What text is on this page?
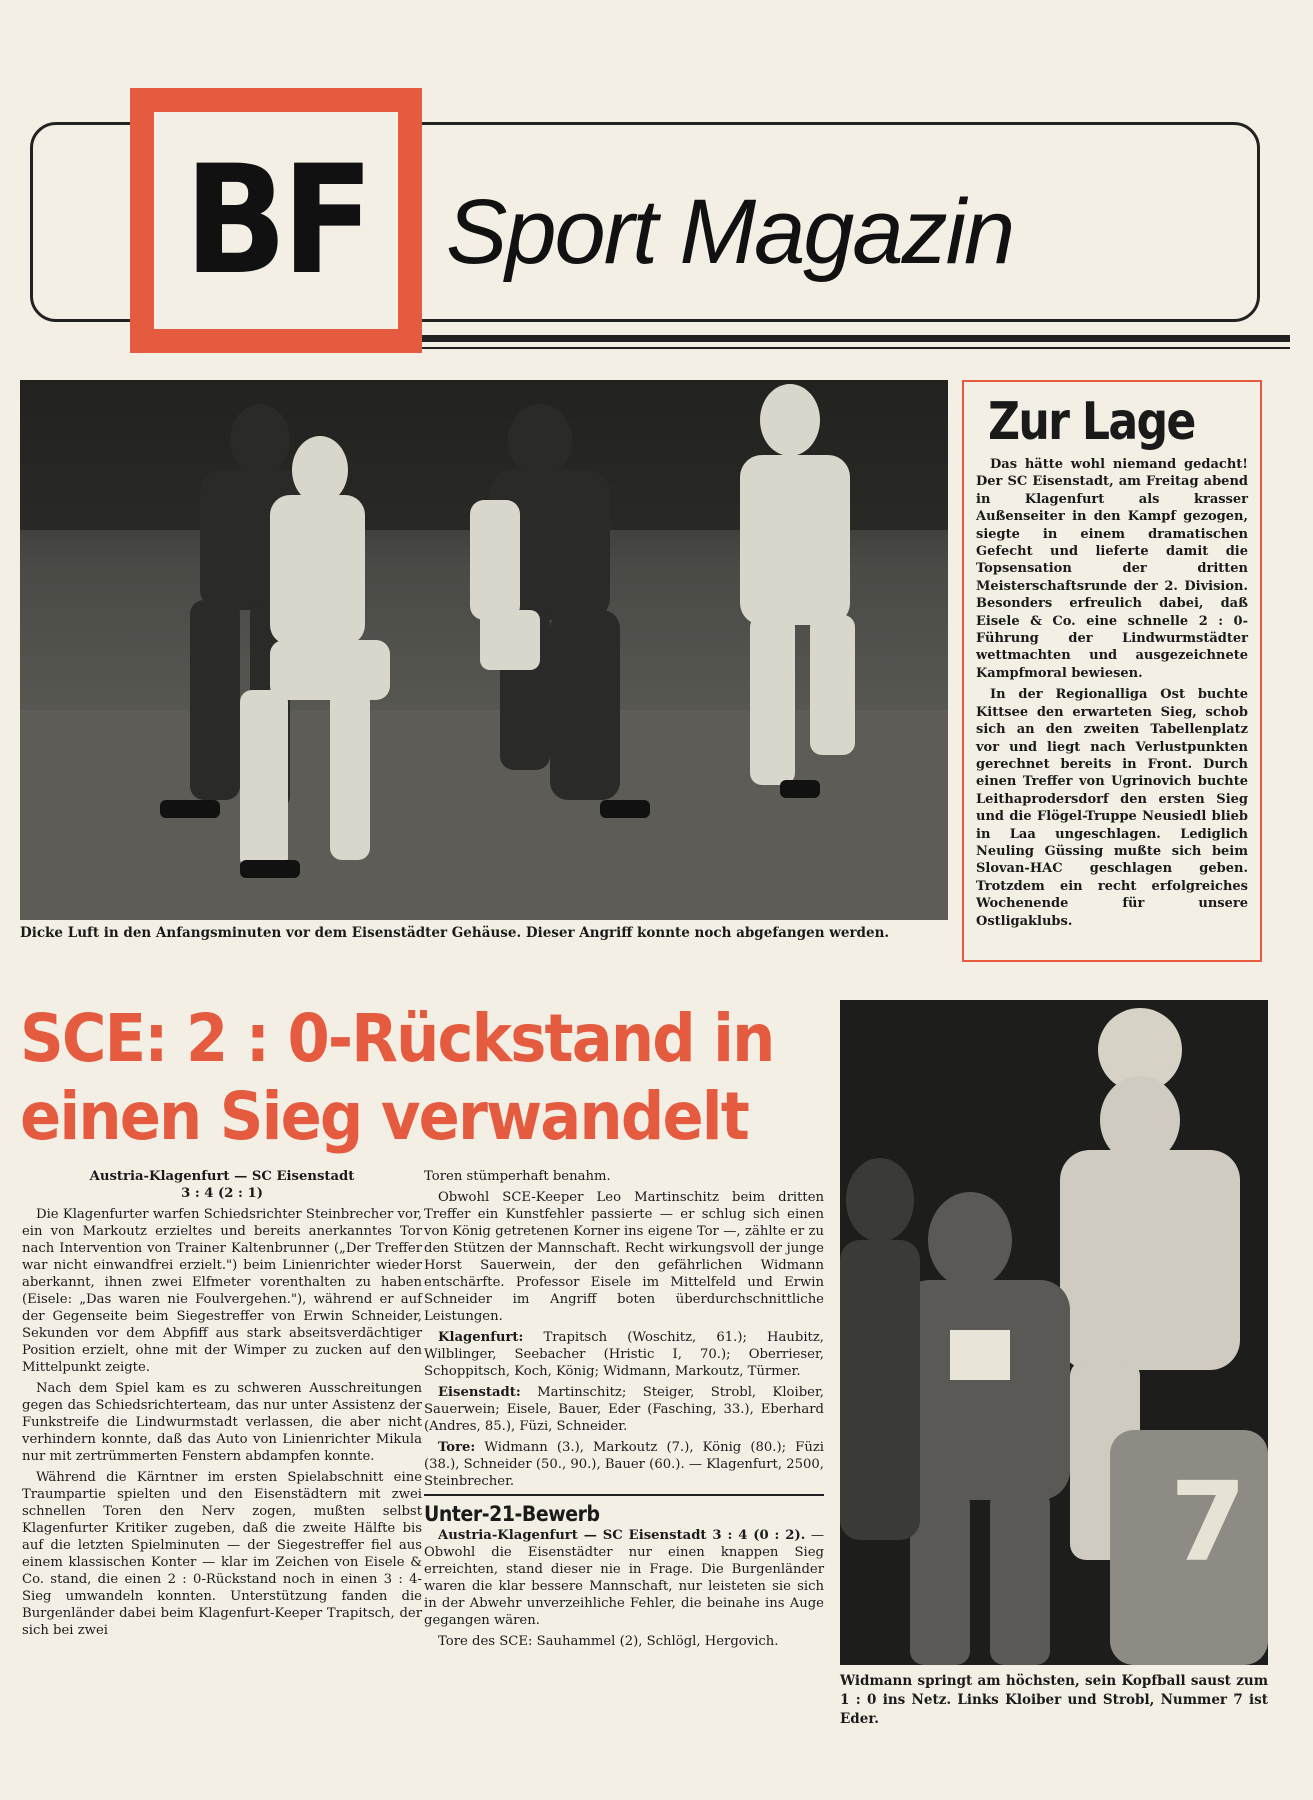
BF Sport Magazin
Dicke Luft in den Anfangsminuten vor dem Eisenstädter Gehäuse. Dieser Angriff konnte noch abgefangen werden.
Zur Lage

Das hätte wohl niemand gedacht! Der SC Eisenstadt, am Freitag abend in Klagenfurt als krasser Außenseiter in den Kampf gezogen, siegte in einem dramatischen Gefecht und lieferte damit die Topsensation der dritten Meisterschaftsrunde der 2. Division. Besonders erfreulich dabei, daß Eisele & Co. eine schnelle 2 : 0-Führung der Lindwurmstädter wettmachten und ausgezeichnete Kampfmoral bewiesen.

In der Regionalliga Ost buchte Kittsee den erwarteten Sieg, schob sich an den zweiten Tabellenplatz vor und liegt nach Verlustpunkten gerechnet bereits in Front. Durch einen Treffer von Ugrinovich buchte Leithaprodersdorf den ersten Sieg und die Flögel-Truppe Neusiedl blieb in Laa ungeschlagen. Lediglich Neuling Güssing mußte sich beim Slovan-HAC geschlagen geben. Trotzdem ein recht erfolgreiches Wochenende für unsere Ostligaklubs.

SCE: 2 : 0-Rückstand in
einen Sieg verwandelt

Austria-Klagenfurt — SC Eisenstadt

3 : 4 (2 : 1)

Die Klagenfurter warfen Schiedsrichter Steinbrecher vor, ein von Markoutz erzieltes und bereits anerkanntes Tor nach Intervention von Trainer Kaltenbrunner („Der Treffer war nicht einwandfrei erzielt.") beim Linienrichter wieder aberkannt, ihnen zwei Elfmeter vorenthalten zu haben (Eisele: „Das waren nie Foulvergehen."), während er auf der Gegenseite beim Siegestreffer von Erwin Schneider, Sekunden vor dem Abpfiff aus stark abseitsverdächtiger Position erzielt, ohne mit der Wimper zu zucken auf den Mittelpunkt zeigte.

Nach dem Spiel kam es zu schweren Ausschreitungen gegen das Schiedsrichterteam, das nur unter Assistenz der Funkstreife die Lindwurmstadt verlassen, die aber nicht verhindern konnte, daß das Auto von Linienrichter Mikula nur mit zertrümmerten Fenstern abdampfen konnte.

Während die Kärntner im ersten Spielabschnitt eine Traumpartie spielten und den Eisenstädtern mit zwei schnellen Toren den Nerv zogen, mußten selbst Klagenfurter Kritiker zugeben, daß die zweite Hälfte bis auf die letzten Spielminuten — der Siegestreffer fiel aus einem klassischen Konter — klar im Zeichen von Eisele & Co. stand, die einen 2 : 0-Rückstand noch in einen 3 : 4-Sieg umwandeln konnten. Unterstützung fanden die Burgenländer dabei beim Klagenfurt-Keeper Trapitsch, der sich bei zwei

Toren stümperhaft benahm.

Obwohl SCE-Keeper Leo Martinschitz beim dritten Treffer ein Kunstfehler passierte — er schlug sich einen von König getretenen Korner ins eigene Tor —, zählte er zu den Stützen der Mannschaft. Recht wirkungsvoll der junge Horst Sauerwein, der den gefährlichen Widmann entschärfte. Professor Eisele im Mittelfeld und Erwin Schneider im Angriff boten überdurchschnittliche Leistungen.

Klagenfurt: Trapitsch (Woschitz, 61.); Haubitz, Wilblinger, Seebacher (Hristic I, 70.); Oberrieser, Schoppitsch, Koch, König; Widmann, Markoutz, Türmer.

Eisenstadt: Martinschitz; Steiger, Strobl, Kloiber, Sauerwein; Eisele, Bauer, Eder (Fasching, 33.), Eberhard (Andres, 85.), Füzi, Schneider.

Tore: Widmann (3.), Markoutz (7.), König (80.); Füzi (38.), Schneider (50., 90.), Bauer (60.). — Klagenfurt, 2500, Steinbrecher.

Unter-21-Bewerb

Austria-Klagenfurt — SC Eisenstadt 3 : 4 (0 : 2). — Obwohl die Eisenstädter nur einen knappen Sieg erreichten, stand dieser nie in Frage. Die Burgenländer waren die klar bessere Mannschaft, nur leisteten sie sich in der Abwehr unverzeihliche Fehler, die beinahe ins Auge gegangen wären.

Tore des SCE: Sauhammel (2), Schlögl, Hergovich.

7
Widmann springt am höchsten, sein Kopfball saust zum 1 : 0 ins Netz. Links Kloiber und Strobl, Nummer 7 ist Eder.
